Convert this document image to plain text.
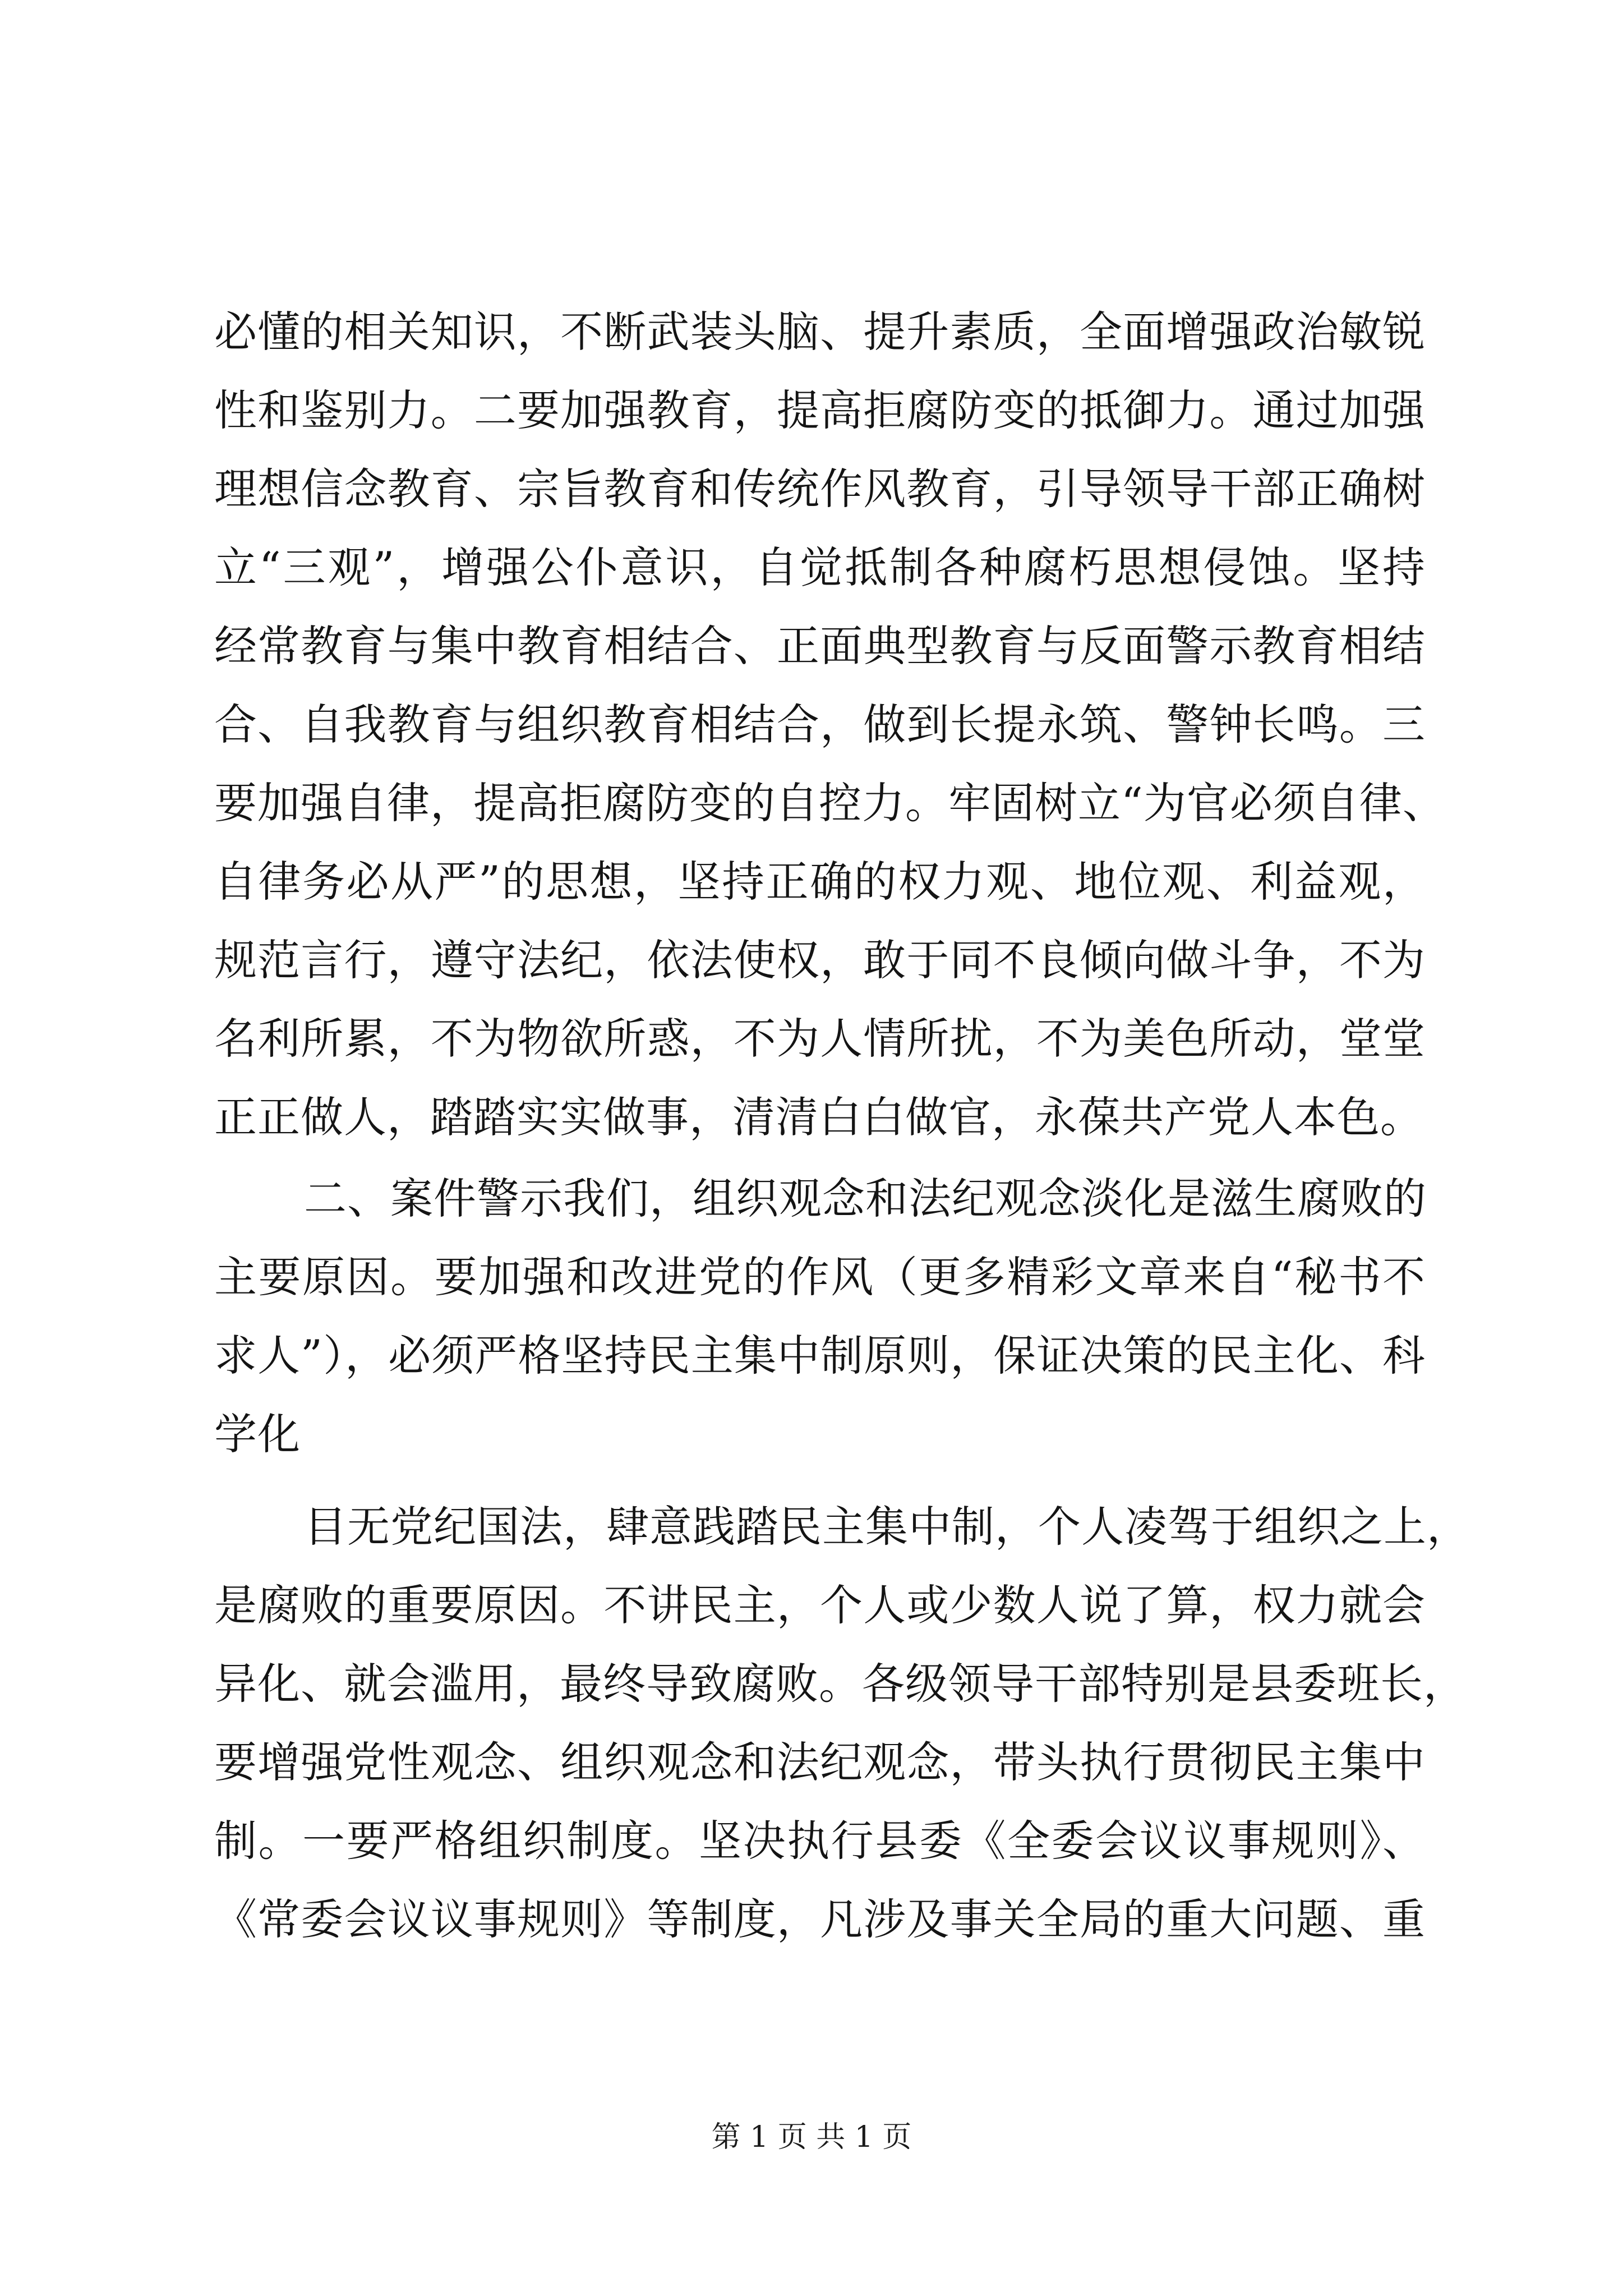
必懂的相关知识，不断武装头脑、提升素质，全面增强政治敏锐
性和鉴别力。二要加强教育，提高拒腐防变的抵御力。通过加强
理想信念教育、宗旨教育和传统作风教育，引导领导干部正确树
立“三观”，增强公仆意识，自觉抵制各种腐朽思想侵蚀。坚持
经常教育与集中教育相结合、正面典型教育与反面警示教育相结
合、自我教育与组织教育相结合，做到长提永筑、警钟长鸣。三
要加强自律，提高拒腐防变的自控力。牢固树立“为官必须自律、
自律务必从严”的思想，坚持正确的权力观、地位观、利益观，
规范言行，遵守法纪，依法使权，敢于同不良倾向做斗争，不为
名利所累，不为物欲所惑，不为人情所扰，不为美色所动，堂堂
正正做人，踏踏实实做事，清清白白做官，永葆共产党人本色。
二、案件警示我们，组织观念和法纪观念淡化是滋生腐败的
主要原因。要加强和改进党的作风（更多精彩文章来自“秘书不
求人”），必须严格坚持民主集中制原则，保证决策的民主化、科
学化
目无党纪国法，肆意践踏民主集中制，个人凌驾于组织之上，
是腐败的重要原因。不讲民主，个人或少数人说了算，权力就会
异化、就会滥用，最终导致腐败。各级领导干部特别是县委班长，
要增强党性观念、组织观念和法纪观念，带头执行贯彻民主集中
制。一要严格组织制度。坚决执行县委《全委会议议事规则》、
《常委会议议事规则》等制度，凡涉及事关全局的重大问题、重
第 1 页 共 1 页
